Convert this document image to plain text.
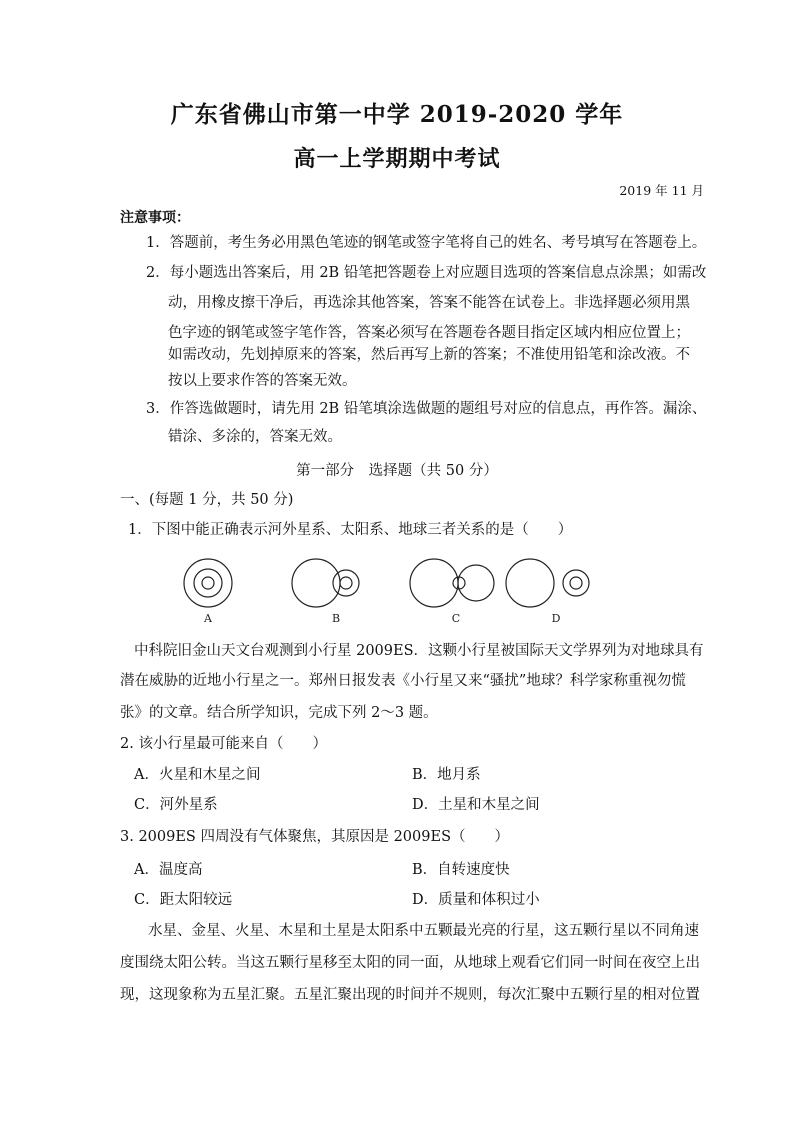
广东省佛山市第一中学 2019-2020 学年
高一上学期期中考试
2019 年 11 月
注意事项：
1．答题前，考生务必用黑色笔迹的钢笔或签字笔将自己的姓名、考号填写在答题卷上。
2．每小题选出答案后，用 2B 铅笔把答题卷上对应题目选项的答案信息点涂黑；如需改
动，用橡皮擦干净后，再选涂其他答案，答案不能答在试卷上。非选择题必须用黑
色字迹的钢笔或签字笔作答，答案必须写在答题卷各题目指定区域内相应位置上；
如需改动，先划掉原来的答案，然后再写上新的答案；不准使用铅笔和涂改液。不
按以上要求作答的答案无效。
3．作答选做题时，请先用 2B 铅笔填涂选做题的题组号对应的信息点，再作答。漏涂、
错涂、多涂的，答案无效。
第一部分　选择题（共 50 分）
一、(每题 1 分，共 50 分)
1．下图中能正确表示河外星系、太阳系、地球三者关系的是（　　）
A	B	C	D
中科院旧金山天文台观测到小行星 2009ES．这颗小行星被国际天文学界列为对地球具有
潜在威胁的近地小行星之一。郑州日报发表《小行星又来“骚扰”地球？科学家称重视勿慌
张》的文章。结合所学知识，完成下列 2～3 题。
2. 该小行星最可能来自（　　）
A．火星和木星之间	B．地月系
C．河外星系	D．土星和木星之间
3. 2009ES 四周没有气体聚焦，其原因是 2009ES（　　）
A．温度高	B．自转速度快
C．距太阳较远	D．质量和体积过小
水星、金星、火星、木星和土星是太阳系中五颗最光亮的行星，这五颗行星以不同角速
度围绕太阳公转。当这五颗行星移至太阳的同一面，从地球上观看它们同一时间在夜空上出
现，这现象称为五星汇聚。五星汇聚出现的时间并不规则，每次汇聚中五颗行星的相对位置
